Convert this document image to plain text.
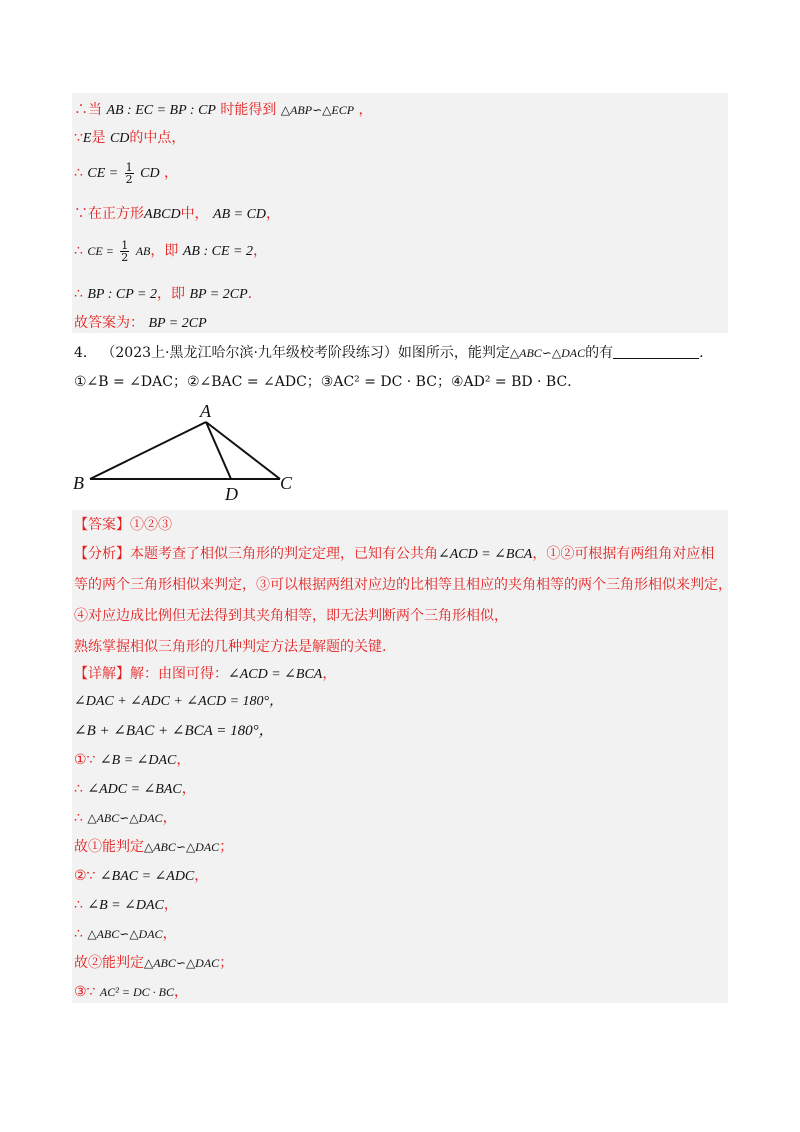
∴当 AB : EC = BP : CP 时能得到 △ABP∽△ECP ，
∵E是 CD的中点，
∴ CE = $\frac{1}{2}$ CD ，
∵在正方形ABCD中， AB = CD，
∴ CE = $\frac{1}{2}$ AB，即 AB : CE = 2，
∴ BP : CP = 2，即 BP = 2CP.
故答案为： BP = 2CP
4． （2023上·黑龙江哈尔滨·九年级校考阶段练习）如图所示，能判定△ABC∽△DAC的有	.
①∠B = ∠DAC；②∠BAC = ∠ADC；③AC² = DC · BC；④AD² = BD · BC．
A
B	C
D
【答案】①②③
【分析】本题考查了相似三角形的判定定理，已知有公共角∠ACD = ∠BCA，①②可根据有两组角对应相
等的两个三角形相似来判定，③可以根据两组对应边的比相等且相应的夹角相等的两个三角形相似来判定，
④对应边成比例但无法得到其夹角相等，即无法判断两个三角形相似，
熟练掌握相似三角形的几种判定方法是解题的关键.
【详解】解：由图可得：∠ACD = ∠BCA，
∠DAC + ∠ADC + ∠ACD = 180°，
∠B + ∠BAC + ∠BCA = 180°，
①∵ ∠B = ∠DAC，
∴ ∠ADC = ∠BAC，
∴ △ABC∽△DAC，
故①能判定△ABC∽△DAC；
②∵ ∠BAC = ∠ADC，
∴ ∠B = ∠DAC，
∴ △ABC∽△DAC，
故②能判定△ABC∽△DAC；
③∵ AC² = DC · BC，
